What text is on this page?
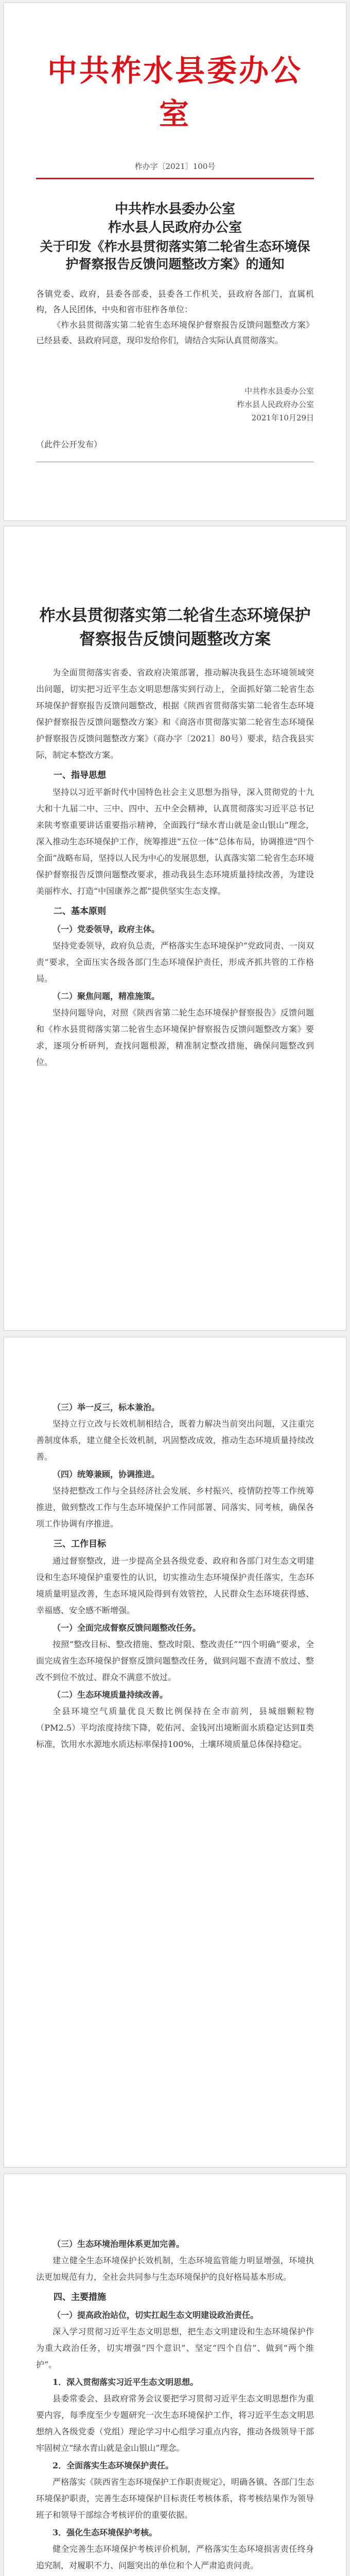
中共柞水县委办公室
柞办字〔2021〕100号
中共柞水县委办公室
柞水县人民政府办公室
关于印发《柞水县贯彻落实第二轮省生态环境保护督察报告反馈问题整改方案》的通知
各镇党委、政府，县委各部委，县委各工作机关，县政府各部门，直属机构，各人民团体，中央和省市驻柞各单位：
《柞水县贯彻落实第二轮省生态环境保护督察报告反馈问题整改方案》已经县委、县政府同意，现印发给你们，请结合实际认真贯彻落实。
中共柞水县委办公室
柞水县人民政府办公室
2021年10月29日
（此件公开发布）
柞水县贯彻落实第二轮省生态环境保护督察报告反馈问题整改方案

为全面贯彻落实省委、省政府决策部署，推动解决我县生态环境领域突出问题，切实把习近平生态文明思想落实到行动上，全面抓好第二轮省生态环境保护督察报告反馈问题整改，根据《陕西省贯彻落实第二轮省生态环境保护督察报告反馈问题整改方案》和《商洛市贯彻落实第二轮省生态环境保护督察报告反馈问题整改方案》（商办字〔2021〕80号）要求，结合我县实际，制定本整改方案。

一、指导思想

坚持以习近平新时代中国特色社会主义思想为指导，深入贯彻党的十九大和十九届二中、三中、四中、五中全会精神，认真贯彻落实习近平总书记来陕考察重要讲话重要指示精神，全面践行“绿水青山就是金山银山”理念，深入推动生态环境保护工作，统筹推进“五位一体”总体布局，协调推进“四个全面”战略布局，坚持以人民为中心的发展思想，认真落实第二轮省生态环境保护督察报告反馈问题整改要求，推动我县生态环境质量持续改善，为建设美丽柞水、打造“中国康养之都”提供坚实生态支撑。

二、基本原则

（一）党委领导，政府主体。

坚持党委领导，政府负总责，严格落实生态环境保护“党政同责、一岗双责”要求，全面压实各级各部门生态环境保护责任，形成齐抓共管的工作格局。

（二）聚焦问题，精准施策。

坚持问题导向，对照《陕西省第二轮生态环境保护督察报告》反馈问题和《柞水县贯彻落实第二轮省生态环境保护督察报告反馈问题整改方案》要求，逐项分析研判，查找问题根源，精准制定整改措施，确保问题整改到位。

（三）举一反三，标本兼治。

坚持立行立改与长效机制相结合，既着力解决当前突出问题，又注重完善制度体系，建立健全长效机制，巩固整改成效，推动生态环境质量持续改善。

（四）统筹兼顾，协调推进。

坚持把整改工作与全县经济社会发展、乡村振兴、疫情防控等工作统筹推进，做到整改工作与生态环境保护工作同部署、同落实、同考核，确保各项工作协调有序推进。

三、工作目标

通过督察整改，进一步提高全县各级党委、政府和各部门对生态文明建设和生态环境保护重要性的认识，切实推动生态环境保护责任落实，生态环境质量明显改善，生态环境风险得到有效管控，人民群众生态环境获得感、幸福感、安全感不断增强。

（一）全面完成督察反馈问题整改任务。

按照“整改目标、整改措施、整改时限、整改责任”“四个明确”要求，全面完成省生态环境保护督察反馈问题整改任务，做到问题不查清不放过、整改不到位不放过、群众不满意不放过。

（二）生态环境质量持续改善。

全县环境空气质量优良天数比例保持在全市前列，县城细颗粒物（PM2.5）平均浓度持续下降，乾佑河、金钱河出境断面水质稳定达到Ⅱ类标准，饮用水水源地水质达标率保持100%，土壤环境质量总体保持稳定。

（三）生态环境治理体系更加完善。

建立健全生态环境保护长效机制，生态环境监管能力明显增强，环境执法更加规范有力，全社会共同参与生态环境保护的良好格局基本形成。

四、主要措施

（一）提高政治站位，切实扛起生态文明建设政治责任。

深入学习贯彻习近平生态文明思想，把生态文明建设和生态环境保护作为重大政治任务，切实增强“四个意识”、坚定“四个自信”、做到“两个维护”。

1．深入贯彻落实习近平生态文明思想。

县委常委会、县政府常务会议要把学习贯彻习近平生态文明思想作为重要内容，每季度至少专题研究一次生态环境保护工作，将习近平生态文明思想纳入各级党委（党组）理论学习中心组学习重点内容，推动各级领导干部牢固树立“绿水青山就是金山银山”理念。

2．全面落实生态环境保护责任。

严格落实《陕西省生态环境保护工作职责规定》，明确各镇、各部门生态环境保护职责，完善生态环境保护目标责任考核体系，将考核结果作为领导班子和领导干部综合考核评价的重要依据。

3．强化生态环境保护考核。

健全完善生态环境保护考核评价机制，严格落实生态环境损害责任终身追究制，对履职不力、问题突出的单位和个人严肃追责问责。
